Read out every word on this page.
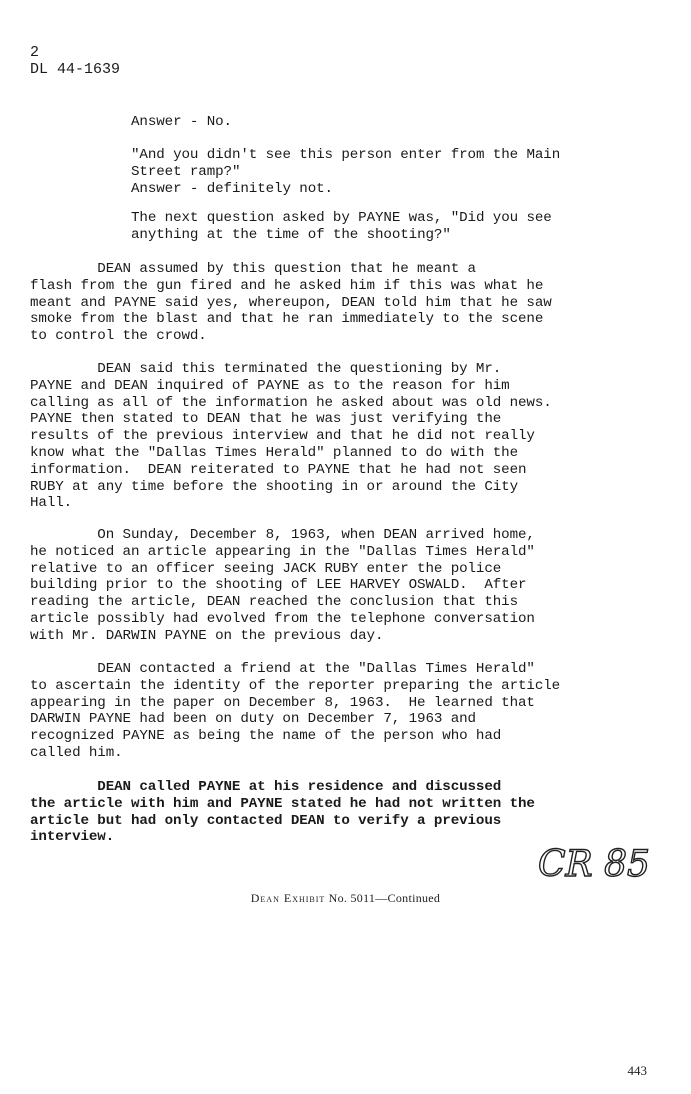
2
DL 44-1639
Answer - No.
"And you didn't see this person enter from the Main
Street ramp?"
Answer - definitely not.
The next question asked by PAYNE was, "Did you see
anything at the time of the shooting?"
DEAN assumed by this question that he meant a
flash from the gun fired and he asked him if this was what he
meant and PAYNE said yes, whereupon, DEAN told him that he saw
smoke from the blast and that he ran immediately to the scene
to control the crowd.
DEAN said this terminated the questioning by Mr.
PAYNE and DEAN inquired of PAYNE as to the reason for him
calling as all of the information he asked about was old news.
PAYNE then stated to DEAN that he was just verifying the
results of the previous interview and that he did not really
know what the "Dallas Times Herald" planned to do with the
information.  DEAN reiterated to PAYNE that he had not seen
RUBY at any time before the shooting in or around the City
Hall.
On Sunday, December 8, 1963, when DEAN arrived home,
he noticed an article appearing in the "Dallas Times Herald"
relative to an officer seeing JACK RUBY enter the police
building prior to the shooting of LEE HARVEY OSWALD.  After
reading the article, DEAN reached the conclusion that this
article possibly had evolved from the telephone conversation
with Mr. DARWIN PAYNE on the previous day.
DEAN contacted a friend at the "Dallas Times Herald"
to ascertain the identity of the reporter preparing the article
appearing in the paper on December 8, 1963.  He learned that
DARWIN PAYNE had been on duty on December 7, 1963 and
recognized PAYNE as being the name of the person who had
called him.
DEAN called PAYNE at his residence and discussed
the article with him and PAYNE stated he had not written the
article but had only contacted DEAN to verify a previous
interview.
CR 85
Dean Exhibit No. 5011—Continued
443
